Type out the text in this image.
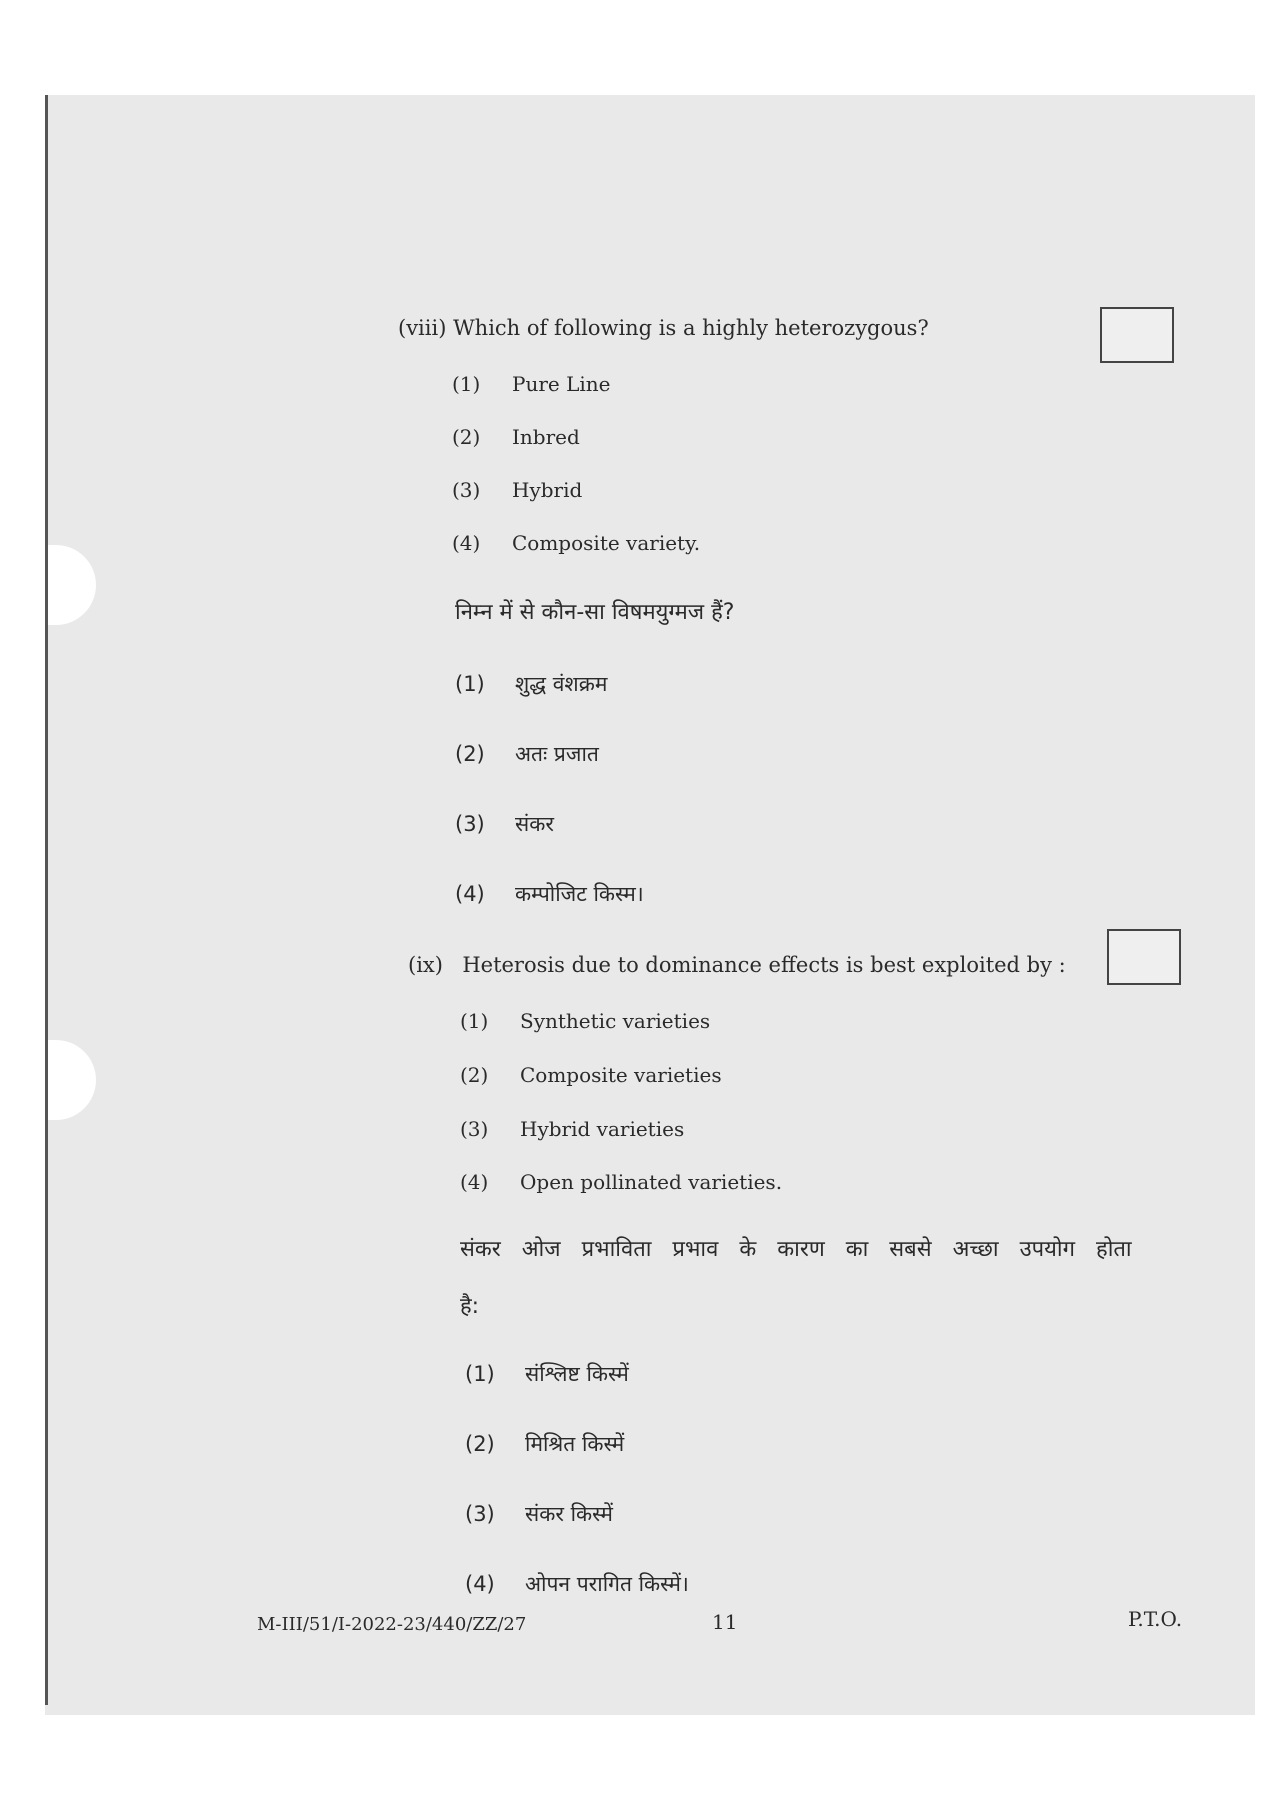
(viii) Which of following is a highly heterozygous?
(1) Pure Line
(2) Inbred
(3) Hybrid
(4) Composite variety.
निम्न में से कौन-सा विषमयुग्मज हैं?
(1) शुद्ध वंशक्रम
(2) अतः प्रजात
(3) संकर
(4) कम्पोजिट किस्म।
(ix) Heterosis due to dominance effects is best exploited by :
(1) Synthetic varieties
(2) Composite varieties
(3) Hybrid varieties
(4) Open pollinated varieties.
संकर ओज प्रभाविता प्रभाव के कारण का सबसे अच्छा उपयोग होता
है:
(1) संश्लिष्ट किस्में
(2) मिश्रित किस्में
(3) संकर किस्में
(4) ओपन परागित किस्में।
M-III/51/I-2022-23/440/ZZ/27	11	P.T.O.
